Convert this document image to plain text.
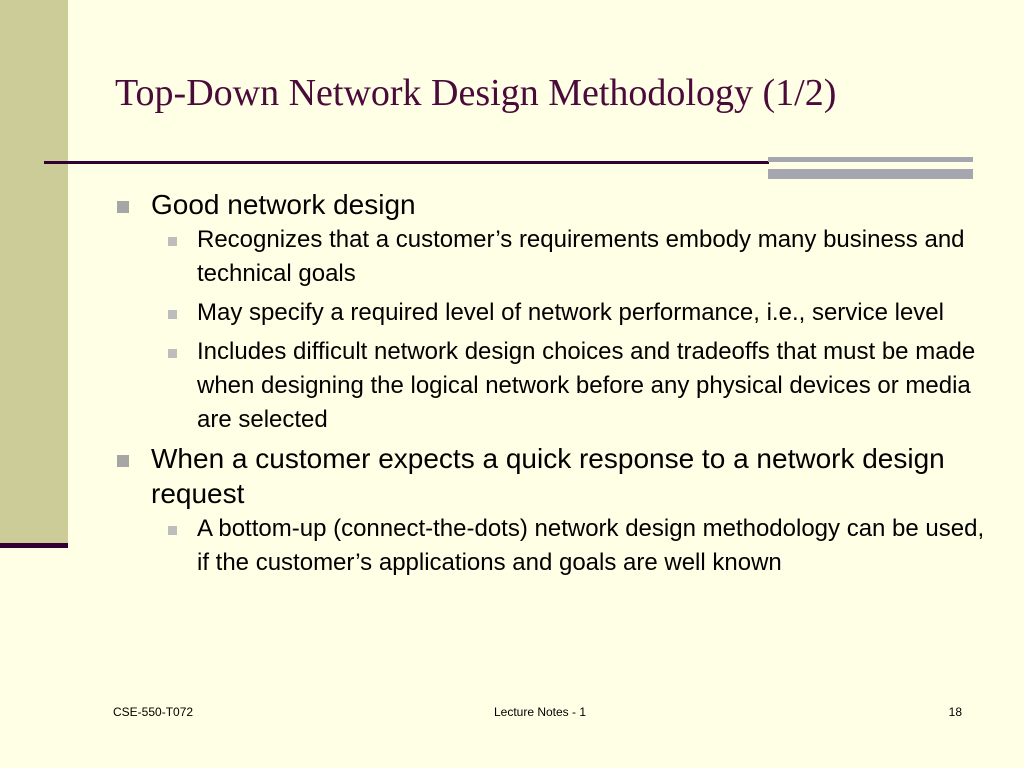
Top-Down Network Design Methodology (1/2)
Good network design
Recognizes that a customer’s requirements embody many business and technical goals
May specify a required level of network performance, i.e., service level
Includes difficult network design choices and tradeoffs that must be made when designing the logical network before any physical devices or media are selected
When a customer expects a quick response to a network design request
A bottom-up (connect-the-dots) network design methodology can be used, if the customer’s applications and goals are well known
CSE-550-T072	Lecture Notes - 1	18
